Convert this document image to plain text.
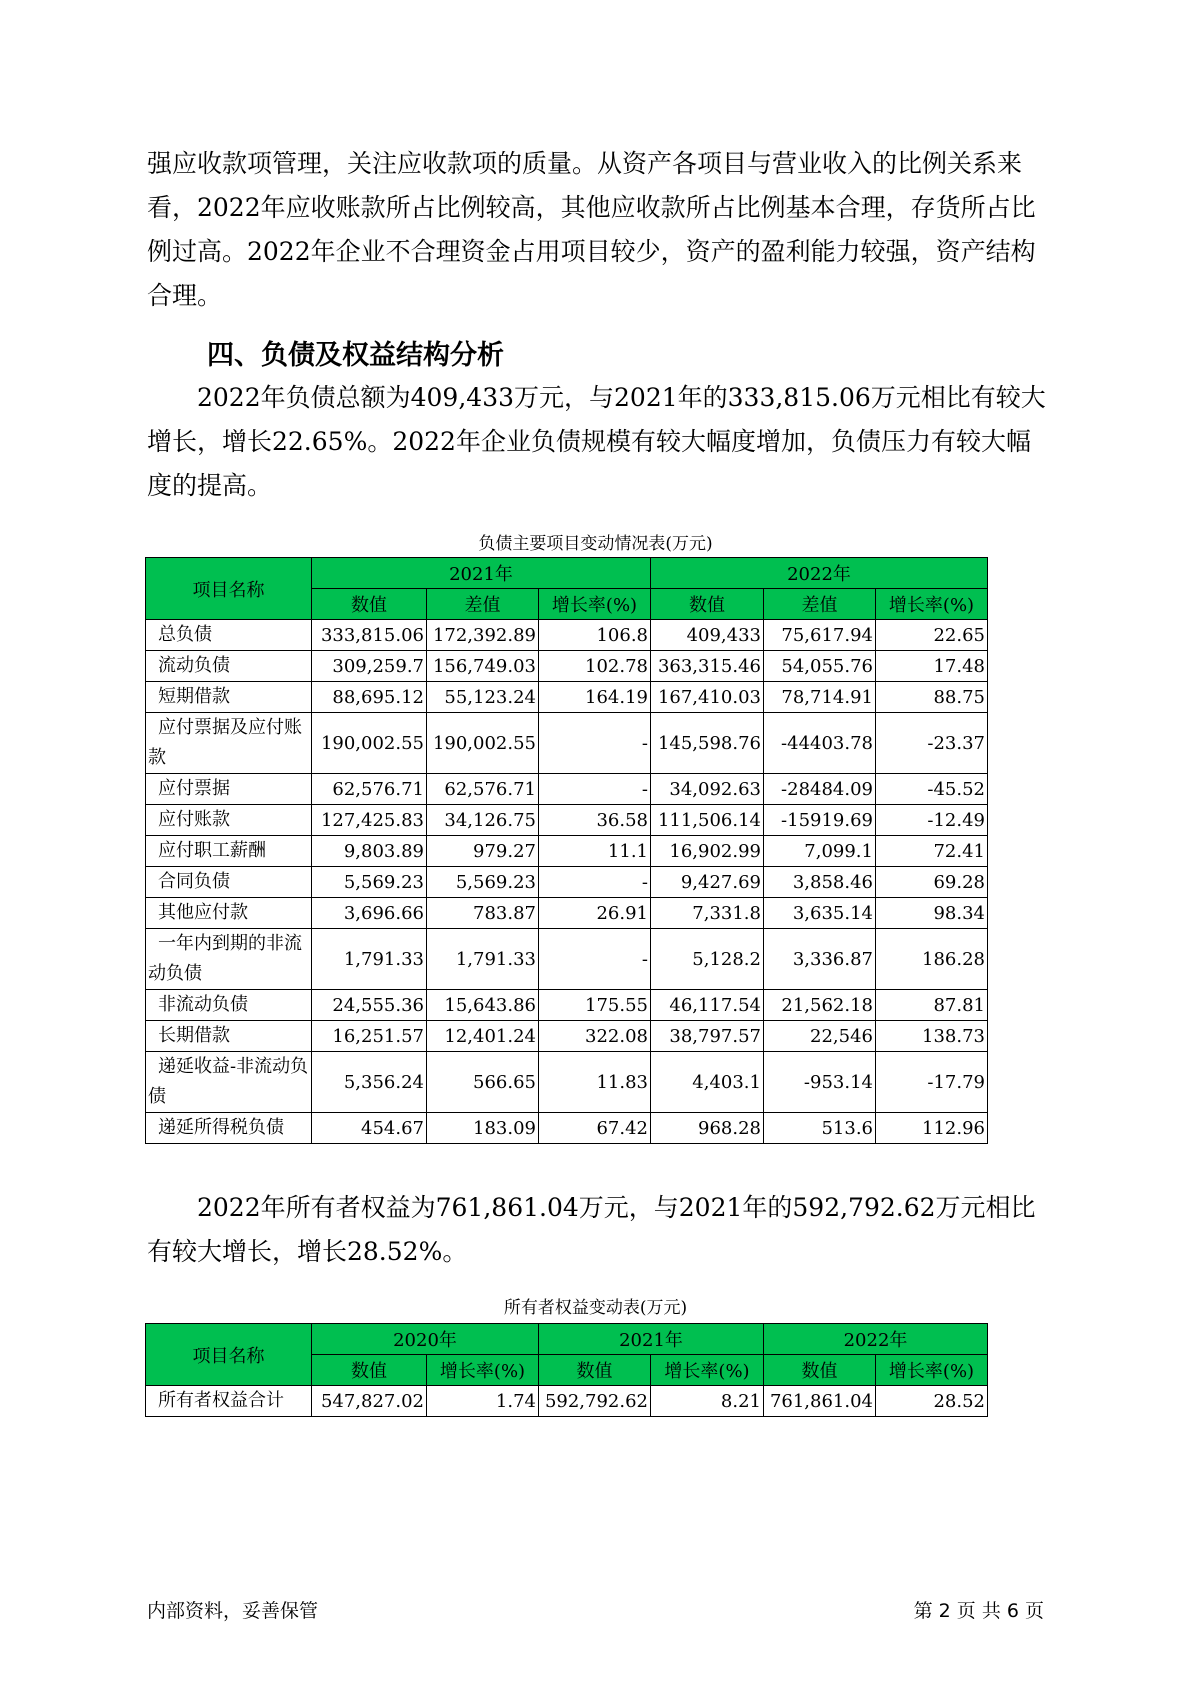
强应收款项管理，关注应收款项的质量。从资产各项目与营业收入的比例关系来看，2022年应收账款所占比例较高，其他应收款所占比例基本合理，存货所占比例过高。2022年企业不合理资金占用项目较少，资产的盈利能力较强，资产结构合理。

四、负债及权益结构分析

2022年负债总额为409,433万元，与2021年的333,815.06万元相比有较大增长，增长22.65%。2022年企业负债规模有较大幅度增加，负债压力有较大幅度的提高。

负债主要项目变动情况表(万元)
项目名称	2021年			2022年		
	数值	差值	增长率(%)	数值	差值	增长率(%)
总负债	333,815.06	172,392.89	106.8	409,433	75,617.94	22.65
流动负债	309,259.7	156,749.03	102.78	363,315.46	54,055.76	17.48
短期借款	88,695.12	55,123.24	164.19	167,410.03	78,714.91	88.75
应付票据及应付账款	190,002.55	190,002.55	-	145,598.76	-44403.78	-23.37
应付票据	62,576.71	62,576.71	-	34,092.63	-28484.09	-45.52
应付账款	127,425.83	34,126.75	36.58	111,506.14	-15919.69	-12.49
应付职工薪酬	9,803.89	979.27	11.1	16,902.99	7,099.1	72.41
合同负债	5,569.23	5,569.23	-	9,427.69	3,858.46	69.28
其他应付款	3,696.66	783.87	26.91	7,331.8	3,635.14	98.34
一年内到期的非流动负债	1,791.33	1,791.33	-	5,128.2	3,336.87	186.28
非流动负债	24,555.36	15,643.86	175.55	46,117.54	21,562.18	87.81
长期借款	16,251.57	12,401.24	322.08	38,797.57	22,546	138.73
递延收益-非流动负债	5,356.24	566.65	11.83	4,403.1	-953.14	-17.79
递延所得税负债	454.67	183.09	67.42	968.28	513.6	112.96

2022年所有者权益为761,861.04万元，与2021年的592,792.62万元相比有较大增长，增长28.52%。

所有者权益变动表(万元)
项目名称	2020年		2021年		2022年	
	数值	增长率(%)	数值	增长率(%)	数值	增长率(%)
所有者权益合计	547,827.02	1.74	592,792.62	8.21	761,861.04	28.52
内部资料，妥善保管	第 2 页 共 6 页
